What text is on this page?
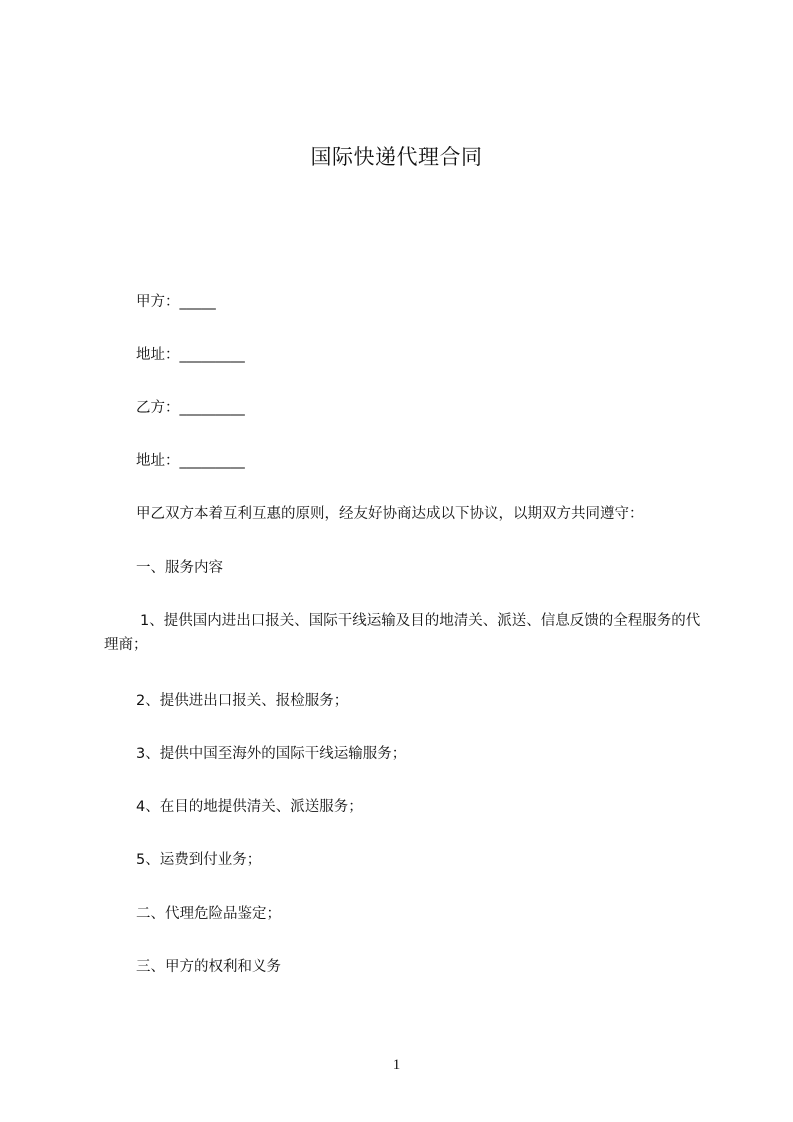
国际快递代理合同
甲方：_____
地址：_________
乙方：_________
地址：_________
甲乙双方本着互利互惠的原则，经友好协商达成以下协议，以期双方共同遵守：
一、服务内容
1、提供国内进出口报关、国际干线运输及目的地清关、派送、信息反馈的全程服务的代理商；
2、提供进出口报关、报检服务；
3、提供中国至海外的国际干线运输服务；
4、在目的地提供清关、派送服务；
5、运费到付业务；
二、代理危险品鉴定；
三、甲方的权利和义务
1
